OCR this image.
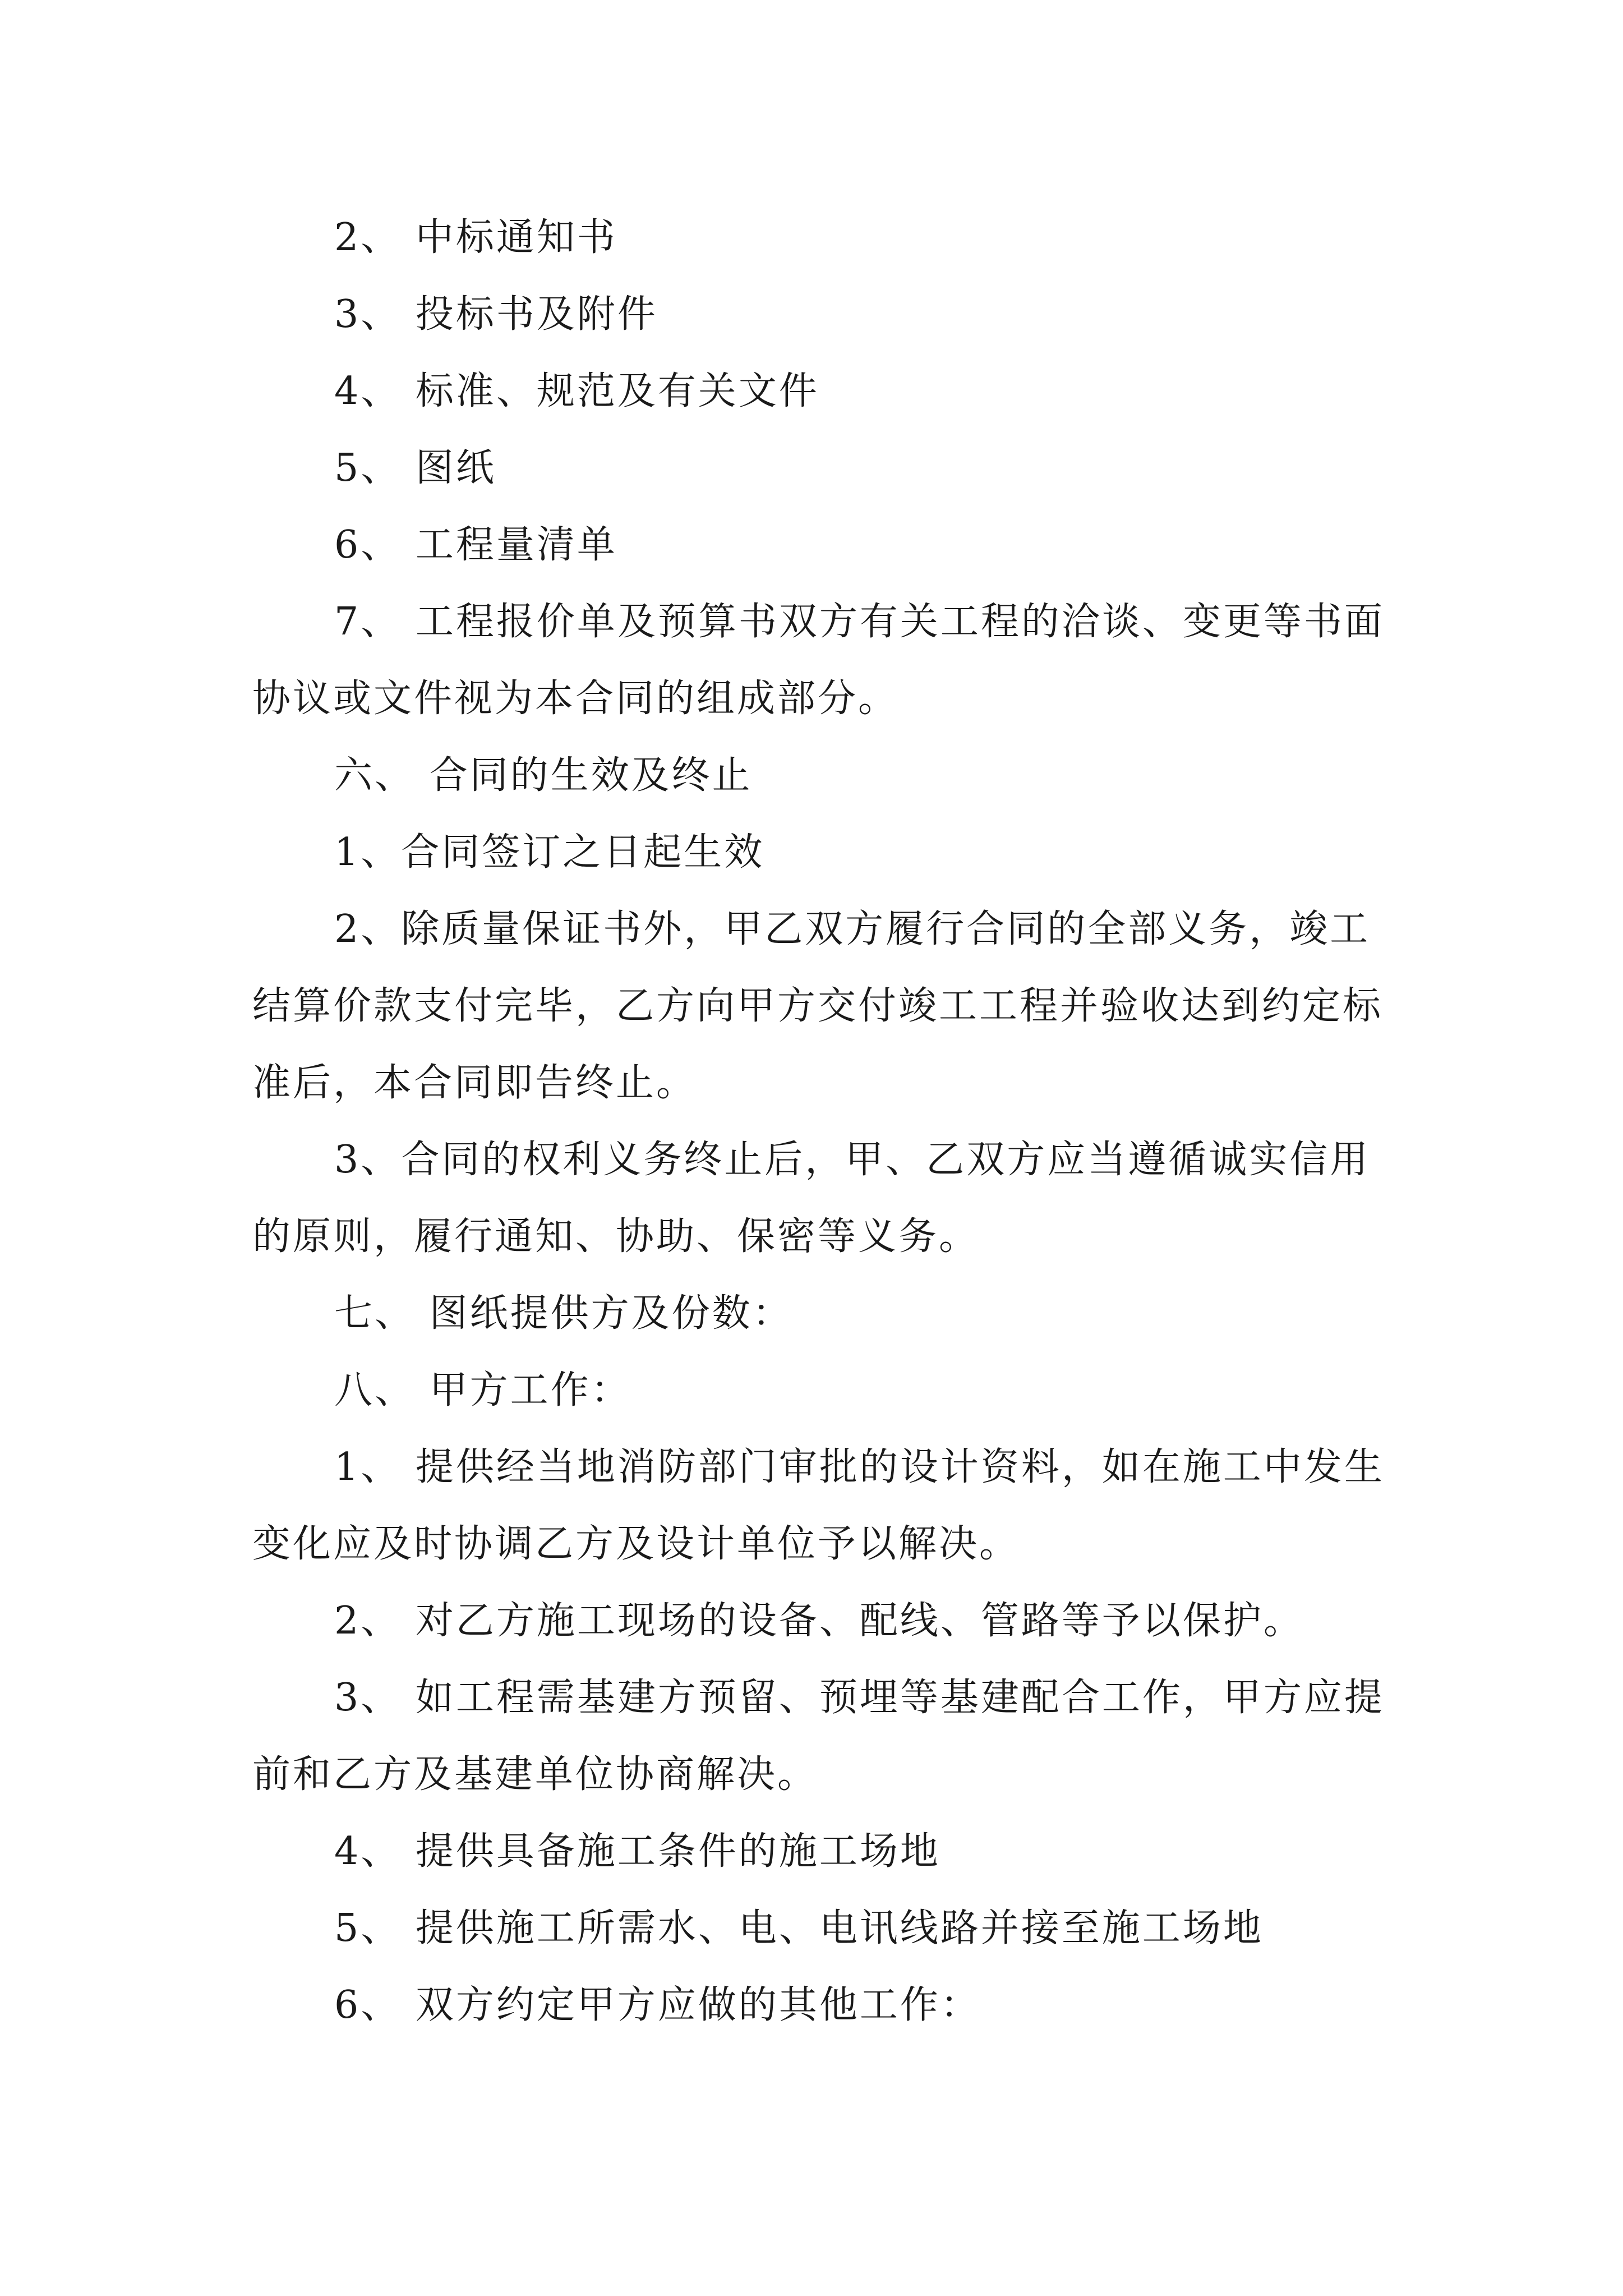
2、 中标通知书

3、 投标书及附件

4、 标准、规范及有关文件

5、 图纸

6、 工程量清单

7、 工程报价单及预算书双方有关工程的洽谈、变更等书面协议或文件视为本合同的组成部分。

六、 合同的生效及终止

1、合同签订之日起生效

2、除质量保证书外，甲乙双方履行合同的全部义务，竣工结算价款支付完毕，乙方向甲方交付竣工工程并验收达到约定标准后，本合同即告终止。

3、合同的权利义务终止后，甲、乙双方应当遵循诚实信用的原则，履行通知、协助、保密等义务。

七、 图纸提供方及份数：

八、 甲方工作：

1、 提供经当地消防部门审批的设计资料，如在施工中发生变化应及时协调乙方及设计单位予以解决。

2、 对乙方施工现场的设备、配线、管路等予以保护。

3、 如工程需基建方预留、预埋等基建配合工作，甲方应提前和乙方及基建单位协商解决。

4、 提供具备施工条件的施工场地

5、 提供施工所需水、电、电讯线路并接至施工场地

6、 双方约定甲方应做的其他工作：
